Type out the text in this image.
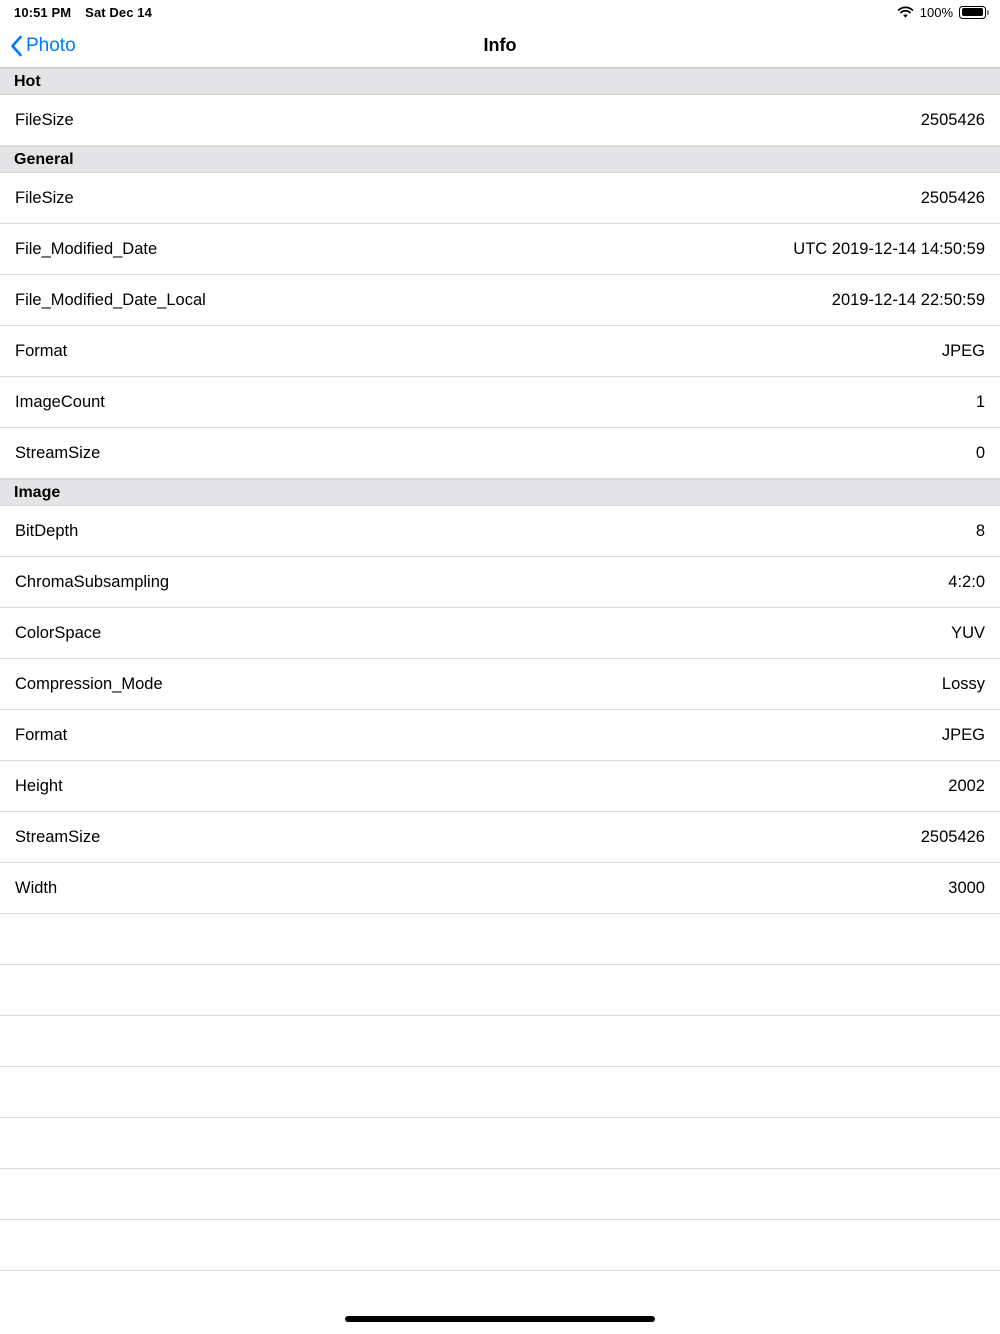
10:51 PM Sat Dec 14	100%
Photo	Info
Hot
FileSize	2505426
General
FileSize	2505426
File_Modified_Date	UTC 2019-12-14 14:50:59
File_Modified_Date_Local	2019-12-14 22:50:59
Format	JPEG
ImageCount	1
StreamSize	0
Image
BitDepth	8
ChromaSubsampling	4:2:0
ColorSpace	YUV
Compression_Mode	Lossy
Format	JPEG
Height	2002
StreamSize	2505426
Width	3000
